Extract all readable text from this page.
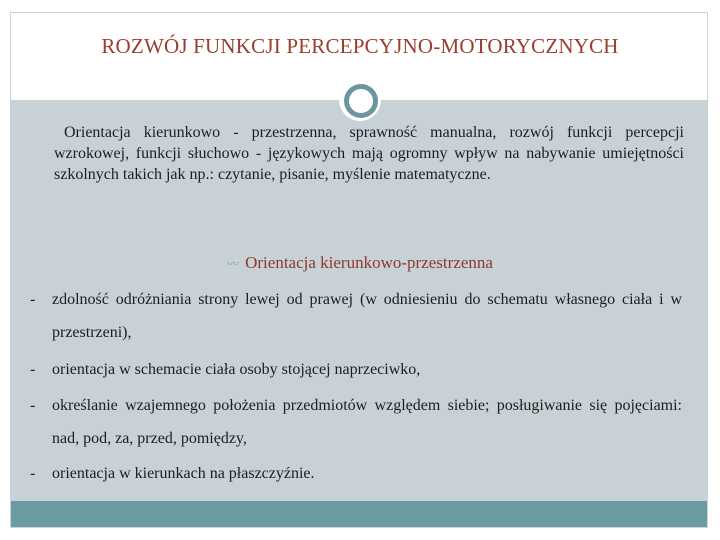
ROZWÓJ FUNKCJI PERCEPCYJNO-MOTORYCZNYCH
Orientacja kierunkowo - przestrzenna, sprawność manualna, rozwój funkcji percepcji wzrokowej, funkcji słuchowo - językowych mają ogromny wpływ na nabywanie umiejętności szkolnych takich jak np.: czytanie, pisanie, myślenie matematyczne.
〰 Orientacja kierunkowo-przestrzenna
- zdolność odróżniania strony lewej od prawej (w odniesieniu do schematu własnego ciała i w przestrzeni),
- orientacja w schemacie ciała osoby stojącej naprzeciwko,
- określanie wzajemnego położenia przedmiotów względem siebie; posługiwanie się pojęciami: nad, pod, za, przed, pomiędzy,
- orientacja w kierunkach na płaszczyźnie.
